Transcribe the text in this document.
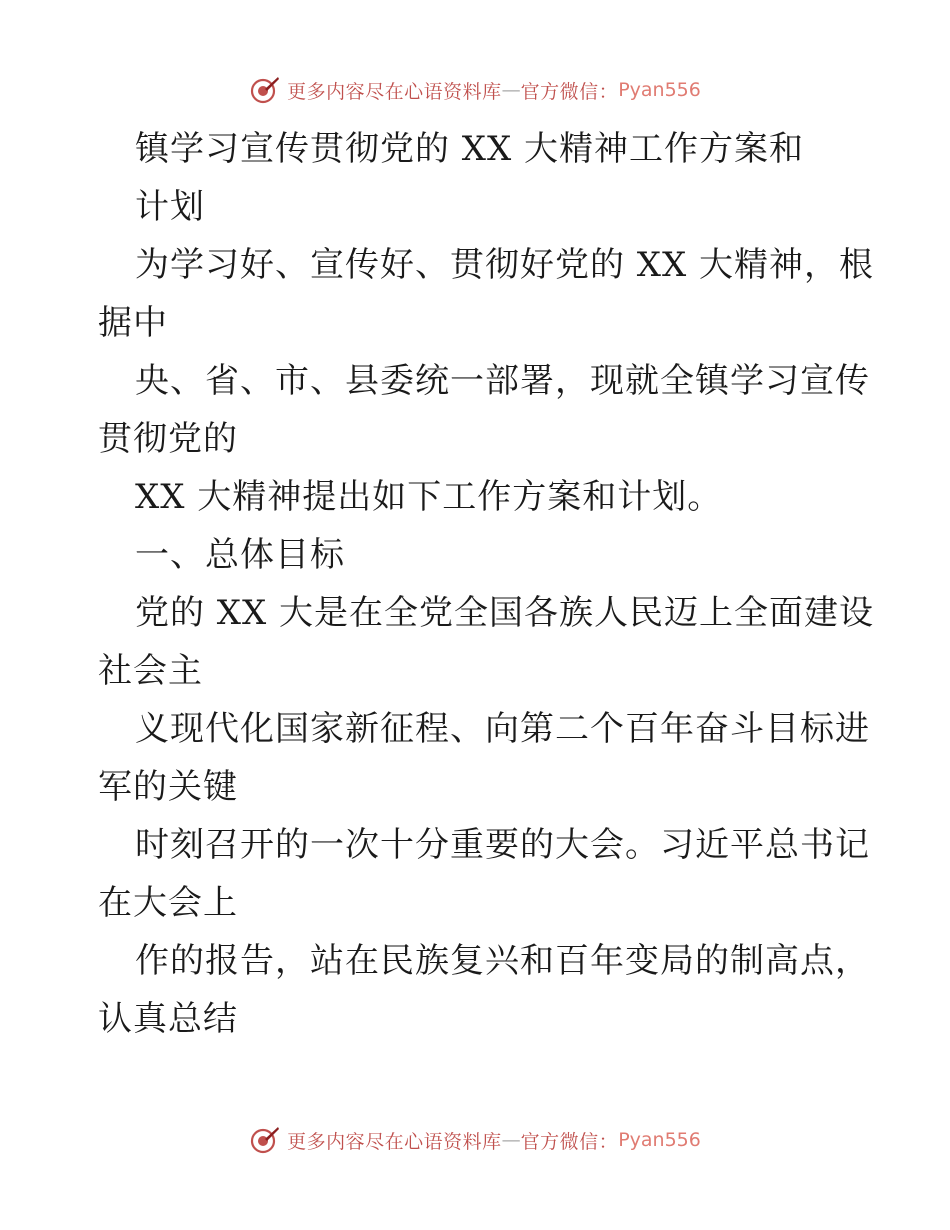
更多内容尽在心语资料库 — 官方微信： Pyan556
镇学习宣传贯彻党的 XX 大精神工作方案和
计划
为学习好、宣传好、贯彻好党的 XX 大精神，根
据中
央、省、市、县委统一部署，现就全镇学习宣传
贯彻党的
XX 大精神提出如下工作方案和计划。
一、总体目标
党的 XX 大是在全党全国各族人民迈上全面建设
社会主
义现代化国家新征程、向第二个百年奋斗目标进
军的关键
时刻召开的一次十分重要的大会。习近平总书记
在大会上
作的报告，站在民族复兴和百年变局的制高点，
认真总结
更多内容尽在心语资料库 — 官方微信： Pyan556
